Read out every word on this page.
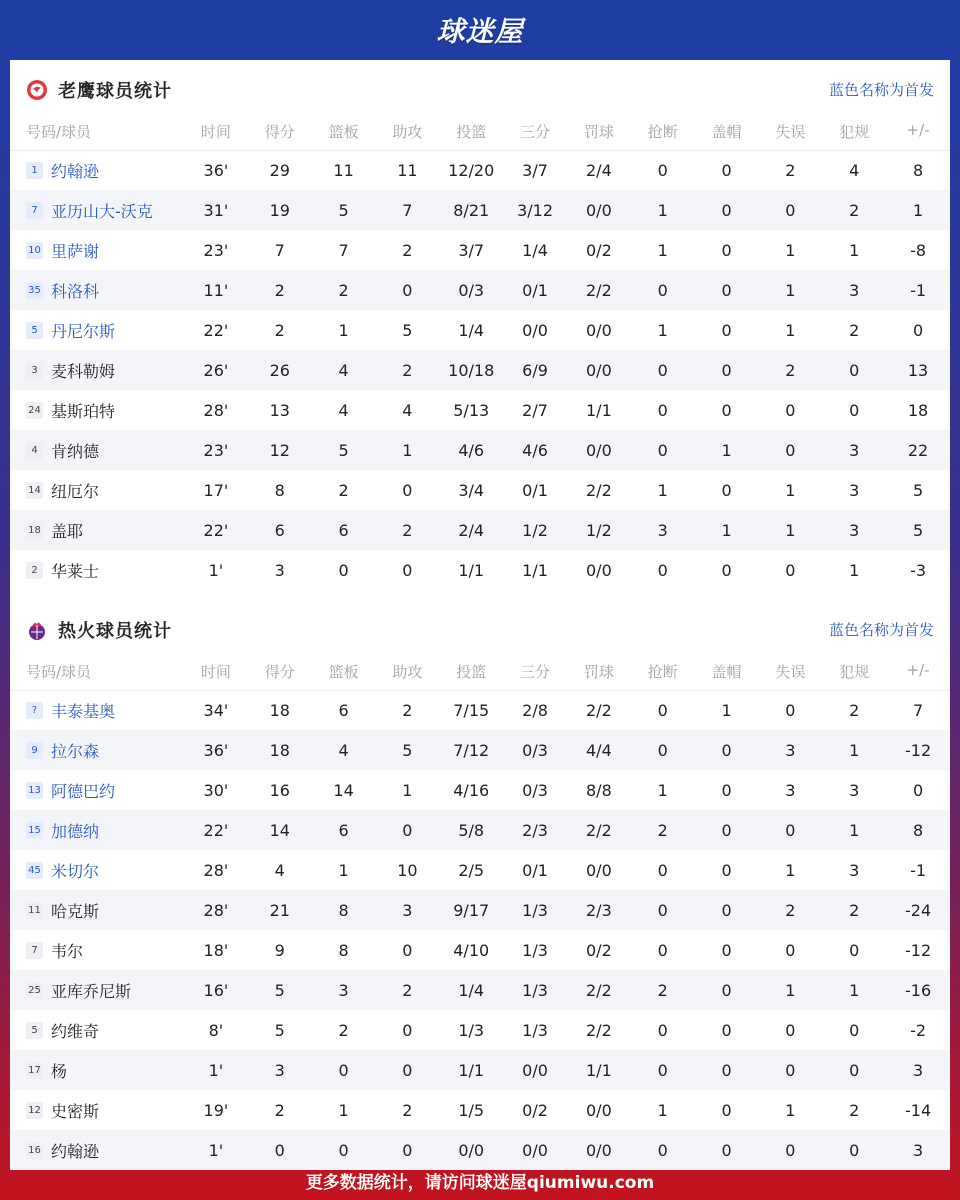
球迷屋
老鹰球员统计	蓝色名称为首发
号码/球员	时间	得分	篮板	助攻	投篮	三分	罚球	抢断	盖帽	失误	犯规	+/-

1 约翰逊	36'	29	11	11	12/20	3/7	2/4	0	0	2	4	8

7 亚历山大-沃克	31'	19	5	7	8/21	3/12	0/0	1	0	0	2	1

10 里萨谢	23'	7	7	2	3/7	1/4	0/2	1	0	1	1	-8

35 科洛科	11'	2	2	0	0/3	0/1	2/2	0	0	1	3	-1

5 丹尼尔斯	22'	2	1	5	1/4	0/0	0/0	1	0	1	2	0

3 麦科勒姆	26'	26	4	2	10/18	6/9	0/0	0	0	2	0	13

24 基斯珀特	28'	13	4	4	5/13	2/7	1/1	0	0	0	0	18

4 肯纳德	23'	12	5	1	4/6	4/6	0/0	0	1	0	3	22

14 纽厄尔	17'	8	2	0	3/4	0/1	2/2	1	0	1	3	5

18 盖耶	22'	6	6	2	2/4	1/2	1/2	3	1	1	3	5

2 华莱士	1'	3	0	0	1/1	1/1	0/0	0	0	0	1	-3
热火球员统计	蓝色名称为首发
号码/球员	时间	得分	篮板	助攻	投篮	三分	罚球	抢断	盖帽	失误	犯规	+/-

? 丰泰基奥	34'	18	6	2	7/15	2/8	2/2	0	1	0	2	7

9 拉尔森	36'	18	4	5	7/12	0/3	4/4	0	0	3	1	-12

13 阿德巴约	30'	16	14	1	4/16	0/3	8/8	1	0	3	3	0

15 加德纳	22'	14	6	0	5/8	2/3	2/2	2	0	0	1	8

45 米切尔	28'	4	1	10	2/5	0/1	0/0	0	0	1	3	-1

11 哈克斯	28'	21	8	3	9/17	1/3	2/3	0	0	2	2	-24

7 韦尔	18'	9	8	0	4/10	1/3	0/2	0	0	0	0	-12

25 亚库乔尼斯	16'	5	3	2	1/4	1/3	2/2	2	0	1	1	-16

5 约维奇	8'	5	2	0	1/3	1/3	2/2	0	0	0	0	-2

17 杨	1'	3	0	0	1/1	0/0	1/1	0	0	0	0	3

12 史密斯	19'	2	1	2	1/5	0/2	0/0	1	0	1	2	-14

16 约翰逊	1'	0	0	0	0/0	0/0	0/0	0	0	0	0	3
更多数据统计，请访问球迷屋qiumiwu.com
